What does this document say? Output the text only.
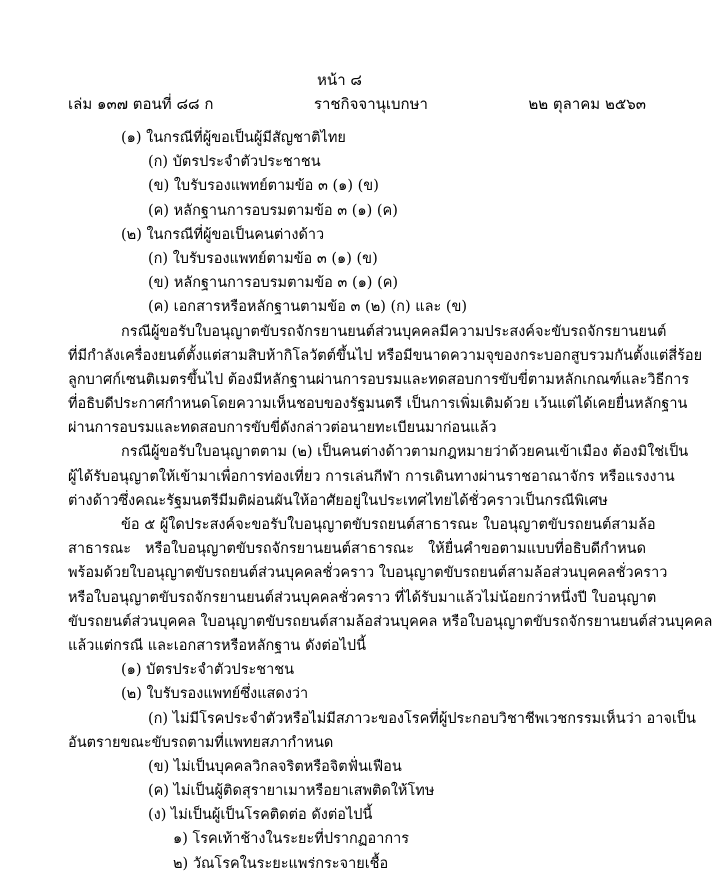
หน้า ๘
เล่ม ๑๓๗ ตอนที่ ๘๘ ก	ราชกิจจานุเบกษา	๒๒ ตุลาคม ๒๕๖๓
(๑) ในกรณีที่ผู้ขอเป็นผู้มีสัญชาติไทย
(ก) บัตรประจำตัวประชาชน
(ข) ใบรับรองแพทย์ตามข้อ ๓ (๑) (ข)
(ค) หลักฐานการอบรมตามข้อ ๓ (๑) (ค)
(๒) ในกรณีที่ผู้ขอเป็นคนต่างด้าว
(ก) ใบรับรองแพทย์ตามข้อ ๓ (๑) (ข)
(ข) หลักฐานการอบรมตามข้อ ๓ (๑) (ค)
(ค) เอกสารหรือหลักฐานตามข้อ ๓ (๒) (ก) และ (ข)
กรณีผู้ขอรับใบอนุญาตขับรถจักรยานยนต์ส่วนบุคคลมีความประสงค์จะขับรถจักรยานยนต์
ที่มีกำลังเครื่องยนต์ตั้งแต่สามสิบห้ากิโลวัตต์ขึ้นไป หรือมีขนาดความจุของกระบอกสูบรวมกันตั้งแต่สี่ร้อย
ลูกบาศก์เซนติเมตรขึ้นไป ต้องมีหลักฐานผ่านการอบรมและทดสอบการขับขี่ตามหลักเกณฑ์และวิธีการ
ที่อธิบดีประกาศกำหนดโดยความเห็นชอบของรัฐมนตรี เป็นการเพิ่มเติมด้วย เว้นแต่ได้เคยยื่นหลักฐาน
ผ่านการอบรมและทดสอบการขับขี่ดังกล่าวต่อนายทะเบียนมาก่อนแล้ว
กรณีผู้ขอรับใบอนุญาตตาม (๒) เป็นคนต่างด้าวตามกฎหมายว่าด้วยคนเข้าเมือง ต้องมิใช่เป็น
ผู้ได้รับอนุญาตให้เข้ามาเพื่อการท่องเที่ยว การเล่นกีฬา การเดินทางผ่านราชอาณาจักร หรือแรงงาน
ต่างด้าวซึ่งคณะรัฐมนตรีมีมติผ่อนผันให้อาศัยอยู่ในประเทศไทยได้ชั่วคราวเป็นกรณีพิเศษ
ข้อ ๕ ผู้ใดประสงค์จะขอรับใบอนุญาตขับรถยนต์สาธารณะ ใบอนุญาตขับรถยนต์สามล้อ
สาธารณะ หรือใบอนุญาตขับรถจักรยานยนต์สาธารณะ ให้ยื่นคำขอตามแบบที่อธิบดีกำหนด
พร้อมด้วยใบอนุญาตขับรถยนต์ส่วนบุคคลชั่วคราว ใบอนุญาตขับรถยนต์สามล้อส่วนบุคคลชั่วคราว
หรือใบอนุญาตขับรถจักรยานยนต์ส่วนบุคคลชั่วคราว ที่ได้รับมาแล้วไม่น้อยกว่าหนึ่งปี ใบอนุญาต
ขับรถยนต์ส่วนบุคคล ใบอนุญาตขับรถยนต์สามล้อส่วนบุคคล หรือใบอนุญาตขับรถจักรยานยนต์ส่วนบุคคล
แล้วแต่กรณี และเอกสารหรือหลักฐาน ดังต่อไปนี้
(๑) บัตรประจำตัวประชาชน
(๒) ใบรับรองแพทย์ซึ่งแสดงว่า
(ก) ไม่มีโรคประจำตัวหรือไม่มีสภาวะของโรคที่ผู้ประกอบวิชาชีพเวชกรรมเห็นว่า อาจเป็น
อันตรายขณะขับรถตามที่แพทยสภากำหนด
(ข) ไม่เป็นบุคคลวิกลจริตหรือจิตฟั่นเฟือน
(ค) ไม่เป็นผู้ติดสุรายาเมาหรือยาเสพติดให้โทษ
(ง) ไม่เป็นผู้เป็นโรคติดต่อ ดังต่อไปนี้
๑) โรคเท้าช้างในระยะที่ปรากฏอาการ
๒) วัณโรคในระยะแพร่กระจายเชื้อ
